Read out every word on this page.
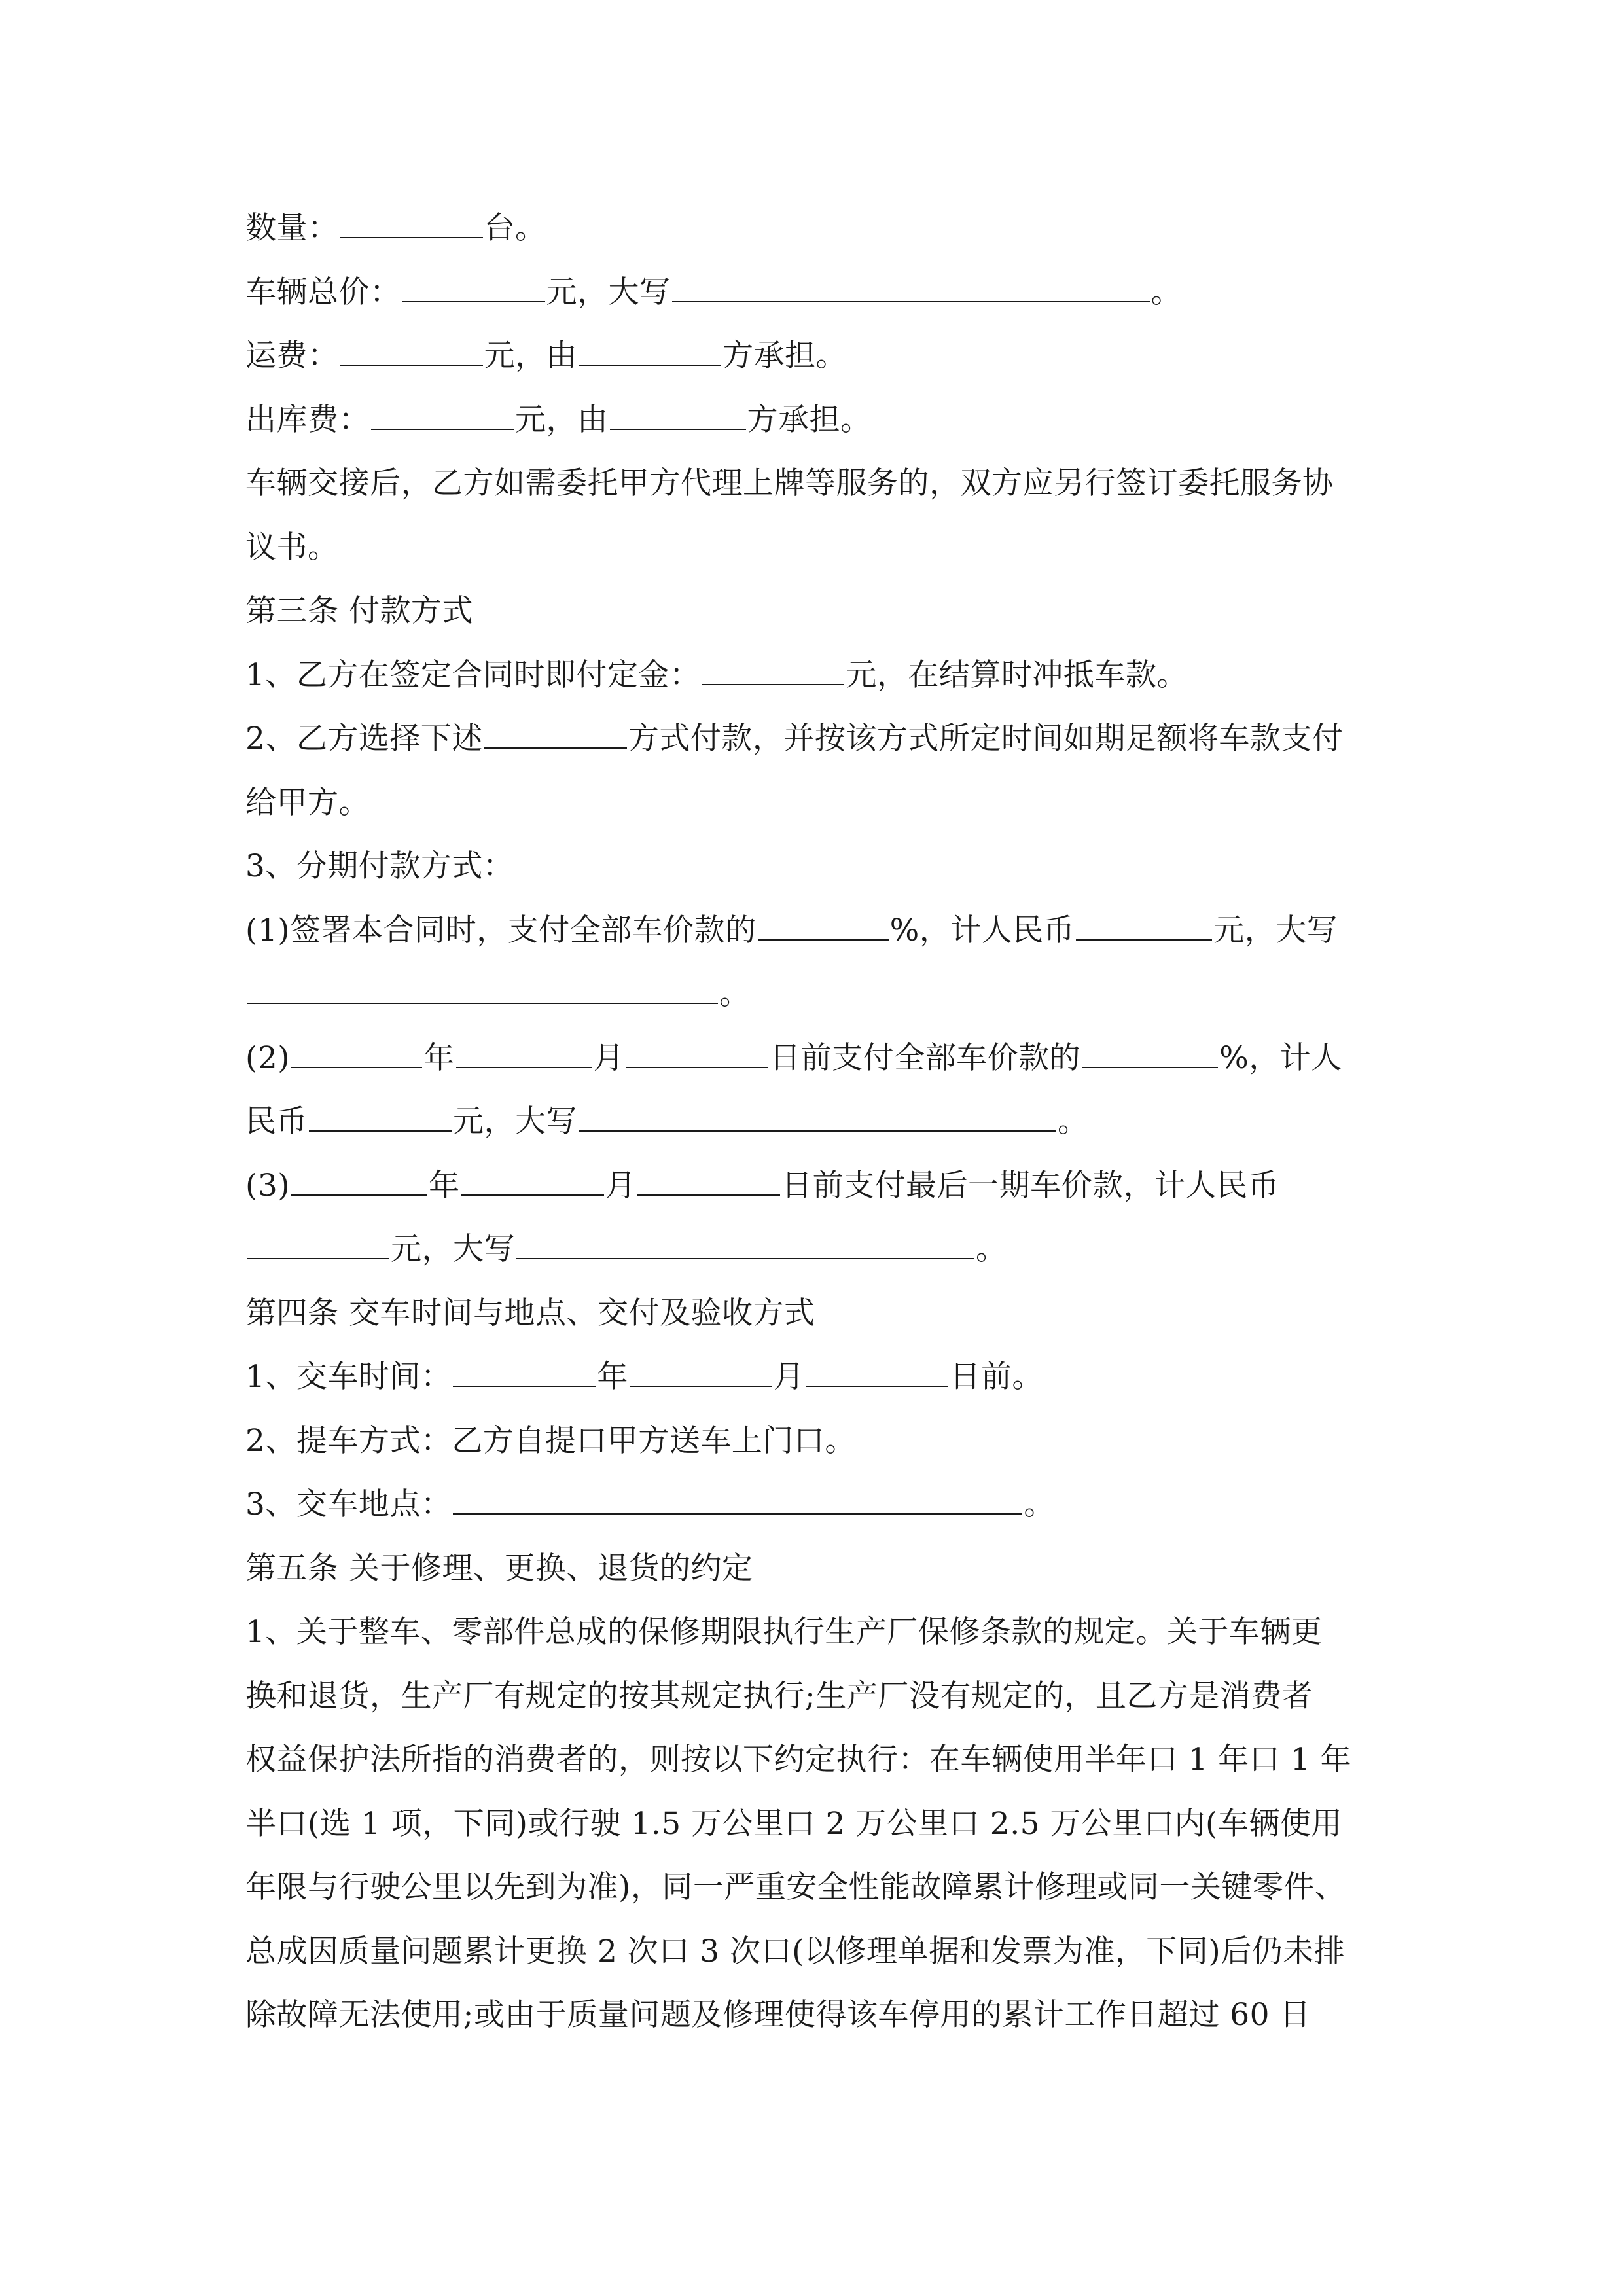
数量：	台。
车辆总价：	元，大写	。
运费：	元，由	方承担。
出库费：	元，由	方承担。
车辆交接后，乙方如需委托甲方代理上牌等服务的，双方应另行签订委托服务协
议书。
第三条 付款方式
1、乙方在签定合同时即付定金：	元，在结算时冲抵车款。
2、乙方选择下述	方式付款，并按该方式所定时间如期足额将车款支付
给甲方。
3、分期付款方式：
(1)签署本合同时，支付全部车价款的	%，计人民币	元，大写
。
(2)	年	月	日前支付全部车价款的	%，计人
民币	元，大写	。
(3)	年	月	日前支付最后一期车价款，计人民币
元，大写	。
第四条 交车时间与地点、交付及验收方式
1、交车时间：	年	月	日前。
2、提车方式：乙方自提口甲方送车上门口。
3、交车地点：	。
第五条 关于修理、更换、退货的约定
1、关于整车、零部件总成的保修期限执行生产厂保修条款的规定。关于车辆更
换和退货，生产厂有规定的按其规定执行;生产厂没有规定的，且乙方是消费者
权益保护法所指的消费者的，则按以下约定执行：在车辆使用半年口 1 年口 1 年
半口(选 1 项，下同)或行驶 1.5 万公里口 2 万公里口 2.5 万公里口内(车辆使用
年限与行驶公里以先到为准)，同一严重安全性能故障累计修理或同一关键零件、
总成因质量问题累计更换 2 次口 3 次口(以修理单据和发票为准，下同)后仍未排
除故障无法使用;或由于质量问题及修理使得该车停用的累计工作日超过 60 日
